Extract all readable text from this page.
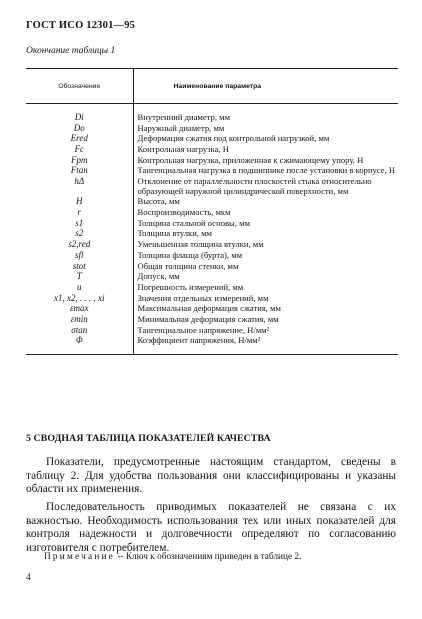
ГОСТ ИСО 12301—95
Окончание таблицы 1
Обозначение	Наименование параметра
Di	Внутренний диаметр, мм
Do	Наружный диаметр, мм
Ered	Деформация сжатия под контрольной нагрузкой, мм
Fc	Контрольная нагрузка, Н
Fpm	Контрольная нагрузка, приложенная к сжимающему упору, Н
Ftan	Тангенциальная нагрузка в подшипнике после установки в корпусе, Н
hΔ	Отклонение от параллельности плоскостей стыка относительно образующей наружной цилиндрической поверхности, мм
H	Высота, мм
r	Воспроизводимость, мкм
s1	Толщина стальной основы, мм
s2	Толщина втулки, мм
s2,red	Уменьшенная толщина втулки, мм
sfl	Толщина фланца (бурта), мм
stot	Общая толщина стенки, мм
T	Допуск, мм
u	Погрешность измерений, мм
x1, x2, . . . , xi	Значения отдельных измерений, мм
εmax	Максимальная деформация сжатия, мм
εmin	Минимальная деформация сжатия, мм
σtan	Тангенциальное напряжение, Н/мм²
Φ	Коэффициент напряжения, Н/мм²
5 СВОДНАЯ ТАБЛИЦА ПОКАЗАТЕЛЕЙ КАЧЕСТВА

Показатели, предусмотренные настоящим стандартом, сведены в таблицу 2. Для удобства пользования они классифицированы и указаны области их применения.

Последовательность приводимых показателей не связана с их важностью. Необходимость использования тех или иных показателей для контроля надежности и долговечности определяют по согласованию изготовителя с потребителем.

Примечание -- Ключ к обозначениям приведен в таблице 2.
4
